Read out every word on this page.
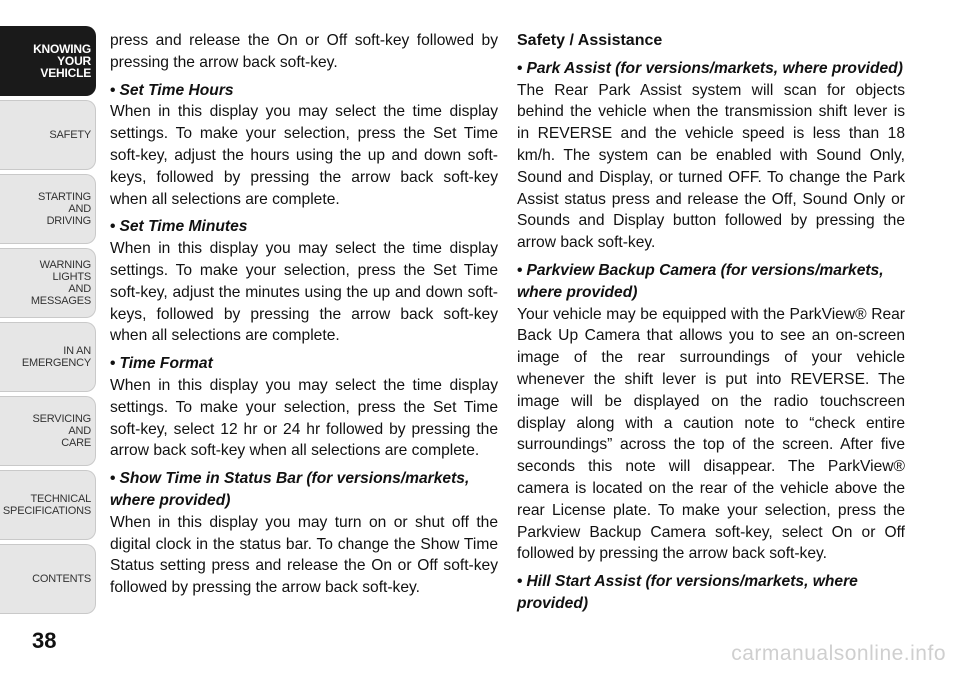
KNOWING
YOUR
VEHICLE
SAFETY
STARTING
AND
DRIVING
WARNING
LIGHTS
AND
MESSAGES
IN AN
EMERGENCY
SERVICING
AND
CARE
TECHNICAL
SPECIFICATIONS
CONTENTS
38

press and release the On or Off soft-key followed by pressing the arrow back soft-key.

• Set Time Hours
When in this display you may select the time display settings. To make your selection, press the Set Time soft-key, adjust the hours using the up and down soft-keys, followed by pressing the arrow back soft-key when all selections are complete.
• Set Time Minutes
When in this display you may select the time display settings. To make your selection, press the Set Time soft-key, adjust the minutes using the up and down soft-keys, followed by pressing the arrow back soft-key when all selections are complete.
• Time Format
When in this display you may select the time display settings. To make your selection, press the Set Time soft-key, select 12 hr or 24 hr followed by pressing the arrow back soft-key when all selections are complete.
• Show Time in Status Bar (for versions/markets, where provided)
When in this display you may turn on or shut off the digital clock in the status bar. To change the Show Time Status setting press and release the On or Off soft-key followed by pressing the arrow back soft-key.

Safety / Assistance

• Park Assist (for versions/markets, where provided)
The Rear Park Assist system will scan for objects behind the vehicle when the transmission shift lever is in REVERSE and the vehicle speed is less than 18 km/h. The system can be enabled with Sound Only, Sound and Display, or turned OFF. To change the Park Assist status press and release the Off, Sound Only or Sounds and Display button followed by pressing the arrow back soft-key.
• Parkview Backup Camera (for versions/markets, where provided)
Your vehicle may be equipped with the ParkView® Rear Back Up Camera that allows you to see an on-screen image of the rear surroundings of your vehicle whenever the shift lever is put into REVERSE. The image will be displayed on the radio touchscreen display along with a caution note to “check entire surroundings” across the top of the screen. After five seconds this note will disappear. The ParkView® camera is located on the rear of the vehicle above the rear License plate. To make your selection, press the Parkview Backup Camera soft-key, select On or Off followed by pressing the arrow back soft-key.
• Hill Start Assist (for versions/markets, where provided)
carmanualsonline.info
